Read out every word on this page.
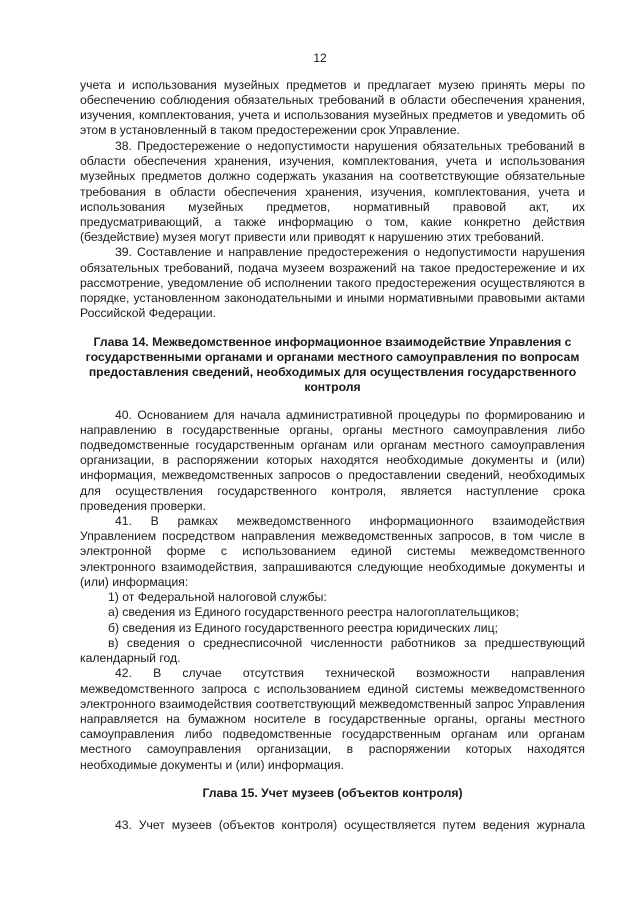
12
учета и использования музейных предметов и предлагает музею принять меры по
обеспечению соблюдения обязательных требований в области обеспечения хранения,
изучения, комплектования, учета и использования музейных предметов и уведомить об
этом в установленный в таком предостережении срок Управление.
38. Предостережение о недопустимости нарушения обязательных требований в
области обеспечения хранения, изучения, комплектования, учета и использования
музейных предметов должно содержать указания на соответствующие обязательные
требования в области обеспечения хранения, изучения, комплектования, учета и
использования музейных предметов, нормативный правовой акт, их
предусматривающий, а также информацию о том, какие конкретно действия
(бездействие) музея могут привести или приводят к нарушению этих требований.
39. Составление и направление предостережения о недопустимости нарушения
обязательных требований, подача музеем возражений на такое предостережение и их
рассмотрение, уведомление об исполнении такого предостережения осуществляются в
порядке, установленном законодательными и иными нормативными правовыми актами
Российской Федерации.
40. Основанием для начала административной процедуры по формированию и
направлению в государственные органы, органы местного самоуправления либо
подведомственные государственным органам или органам местного самоуправления
организации, в распоряжении которых находятся необходимые документы и (или)
информация, межведомственных запросов о предоставлении сведений, необходимых
для осуществления государственного контроля, является наступление срока
проведения проверки.
41. В рамках межведомственного информационного взаимодействия
Управлением посредством направления межведомственных запросов, в том числе в
электронной форме с использованием единой системы межведомственного
электронного взаимодействия, запрашиваются следующие необходимые документы и
(или) информация:
1) от Федеральной налоговой службы:
а) сведения из Единого государственного реестра налогоплательщиков;
б) сведения из Единого государственного реестра юридических лиц;
в) сведения о среднесписочной численности работников за предшествующий
календарный год.
42. В случае отсутствия технической возможности направления
межведомственного запроса с использованием единой системы межведомственного
электронного взаимодействия соответствующий межведомственный запрос Управления
направляется на бумажном носителе в государственные органы, органы местного
самоуправления либо подведомственные государственным органам или органам
местного самоуправления организации, в распоряжении которых находятся
необходимые документы и (или) информация.
43. Учет музеев (объектов контроля) осуществляется путем ведения журнала
Глава 14. Межведомственное информационное взаимодействие Управления с
государственными органами и органами местного самоуправления по вопросам
предоставления сведений, необходимых для осуществления государственного
контроля
Глава 15. Учет музеев (объектов контроля)
